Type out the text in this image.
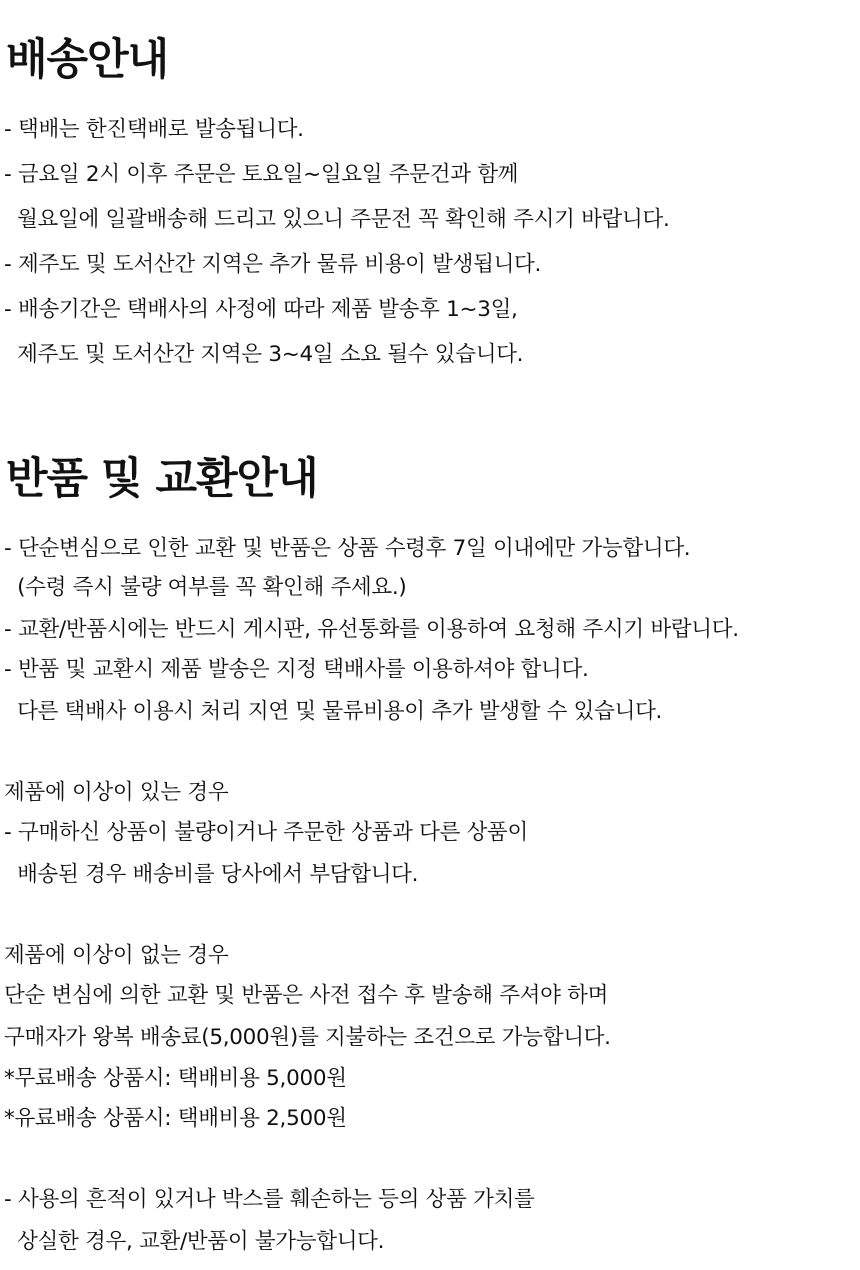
배송안내
- 택배는 한진택배로 발송됩니다.
- 금요일 2시 이후 주문은 토요일~일요일 주문건과 함께
월요일에 일괄배송해 드리고 있으니 주문전 꼭 확인해 주시기 바랍니다.
- 제주도 및 도서산간 지역은 추가 물류 비용이 발생됩니다.
- 배송기간은 택배사의 사정에 따라 제품 발송후 1~3일,
제주도 및 도서산간 지역은 3~4일 소요 될수 있습니다.
반품 및 교환안내
- 단순변심으로 인한 교환 및 반품은 상품 수령후 7일 이내에만 가능합니다.
(수령 즉시 불량 여부를 꼭 확인해 주세요.)
- 교환/반품시에는 반드시 게시판, 유선통화를 이용하여 요청해 주시기 바랍니다.
- 반품 및 교환시 제품 발송은 지정 택배사를 이용하셔야 합니다.
다른 택배사 이용시 처리 지연 및 물류비용이 추가 발생할 수 있습니다.
제품에 이상이 있는 경우
- 구매하신 상품이 불량이거나 주문한 상품과 다른 상품이
배송된 경우 배송비를 당사에서 부담합니다.
제품에 이상이 없는 경우
단순 변심에 의한 교환 및 반품은 사전 접수 후 발송해 주셔야 하며
구매자가 왕복 배송료(5,000원)를 지불하는 조건으로 가능합니다.
*무료배송 상품시: 택배비용 5,000원
*유료배송 상품시: 택배비용 2,500원
- 사용의 흔적이 있거나 박스를 훼손하는 등의 상품 가치를
상실한 경우, 교환/반품이 불가능합니다.
